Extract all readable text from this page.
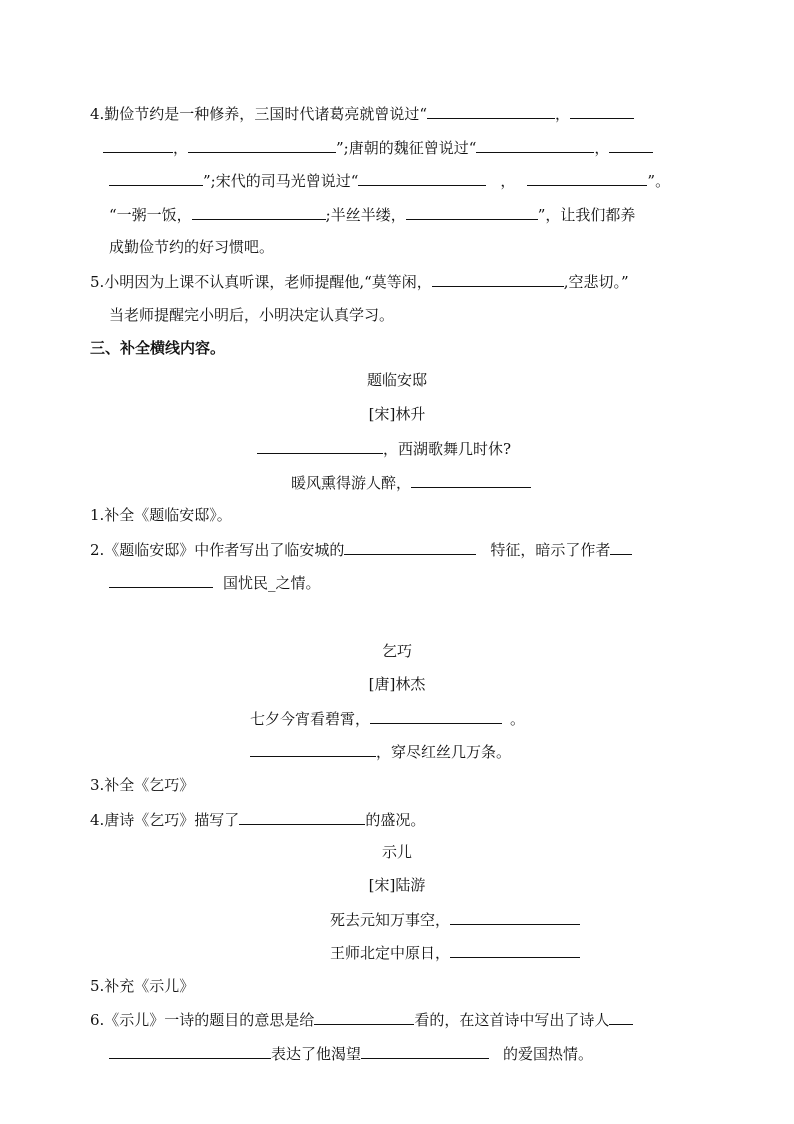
4.勤俭节约是一种修养，三国时代诸葛亮就曾说过“	，
，	”;唐朝的魏征曾说过“	，
”;宋代的司马光曾说过“	，	”。
“一粥一饭，	;半丝半缕，	”，让我们都养
成勤俭节约的好习惯吧。
5.小明因为上课不认真听课，老师提醒他,“莫等闲，	,空悲切。”
当老师提醒完小明后，小明决定认真学习。
三、补全横线内容。
题临安邸
[宋]林升
，西湖歌舞几时休?
暖风熏得游人醉，
1.补全《题临安邸》。
2.《题临安邸》中作者写出了临安城的	特征，暗示了作者
国忧民_之情。
乞巧
[唐]林杰
七夕今宵看碧霄，	。
，穿尽红丝几万条。
3.补全《乞巧》
4.唐诗《乞巧》描写了	的盛况。
示儿
[宋]陆游
死去元知万事空，
王师北定中原日，
5.补充《示儿》
6.《示儿》一诗的题目的意思是给	看的，在这首诗中写出了诗人
表达了他渴望	的爱国热情。
